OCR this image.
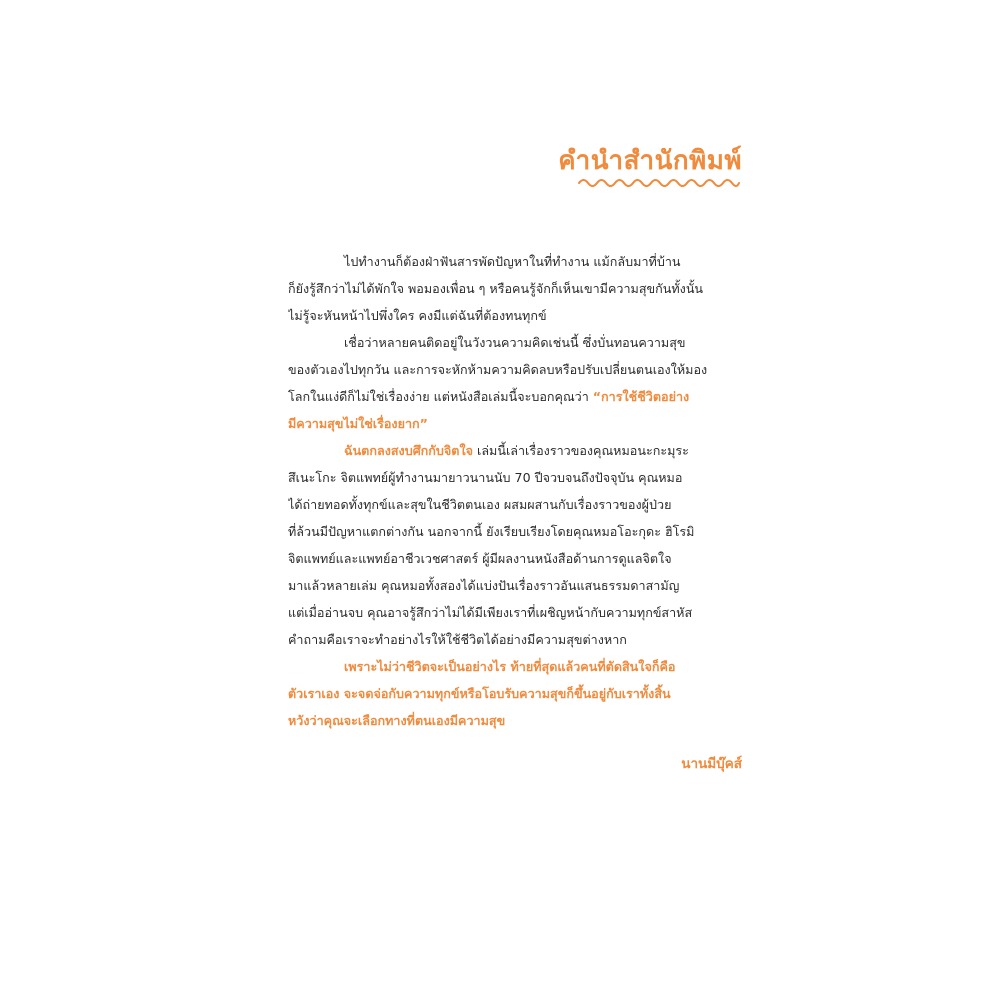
คำนำสำนักพิมพ์
ไปทำงานก็ต้องฝ่าฟันสารพัดปัญหาในที่ทำงาน แม้กลับมาที่บ้าน
ก็ยังรู้สึกว่าไม่ได้พักใจ พอมองเพื่อน ๆ หรือคนรู้จักก็เห็นเขามีความสุขกันทั้งนั้น
ไม่รู้จะหันหน้าไปพึ่งใคร คงมีแต่ฉันที่ต้องทนทุกข์
เชื่อว่าหลายคนติดอยู่ในวังวนความคิดเช่นนี้ ซึ่งบั่นทอนความสุข
ของตัวเองไปทุกวัน และการจะหักห้ามความคิดลบหรือปรับเปลี่ยนตนเองให้มอง
โลกในแง่ดีก็ไม่ใช่เรื่องง่าย แต่หนังสือเล่มนี้จะบอกคุณว่า “การใช้ชีวิตอย่าง
มีความสุขไม่ใช่เรื่องยาก”
ฉันตกลงสงบศึกกับจิตใจ เล่มนี้เล่าเรื่องราวของคุณหมอนะกะมุระ
สึเนะโกะ จิตแพทย์ผู้ทำงานมายาวนานนับ 70 ปีจวบจนถึงปัจจุบัน คุณหมอ
ได้ถ่ายทอดทั้งทุกข์และสุขในชีวิตตนเอง ผสมผสานกับเรื่องราวของผู้ป่วย
ที่ล้วนมีปัญหาแตกต่างกัน นอกจากนี้ ยังเรียบเรียงโดยคุณหมอโอะกุดะ ฮิโรมิ
จิตแพทย์และแพทย์อาชีวเวชศาสตร์ ผู้มีผลงานหนังสือด้านการดูแลจิตใจ
มาแล้วหลายเล่ม คุณหมอทั้งสองได้แบ่งปันเรื่องราวอันแสนธรรมดาสามัญ
แต่เมื่ออ่านจบ คุณอาจรู้สึกว่าไม่ได้มีเพียงเราที่เผชิญหน้ากับความทุกข์สาหัส
คำถามคือเราจะทำอย่างไรให้ใช้ชีวิตได้อย่างมีความสุขต่างหาก
เพราะไม่ว่าชีวิตจะเป็นอย่างไร ท้ายที่สุดแล้วคนที่ตัดสินใจก็คือ
ตัวเราเอง จะจดจ่อกับความทุกข์หรือโอบรับความสุขก็ขึ้นอยู่กับเราทั้งสิ้น
หวังว่าคุณจะเลือกทางที่ตนเองมีความสุข
นานมีบุ๊คส์
